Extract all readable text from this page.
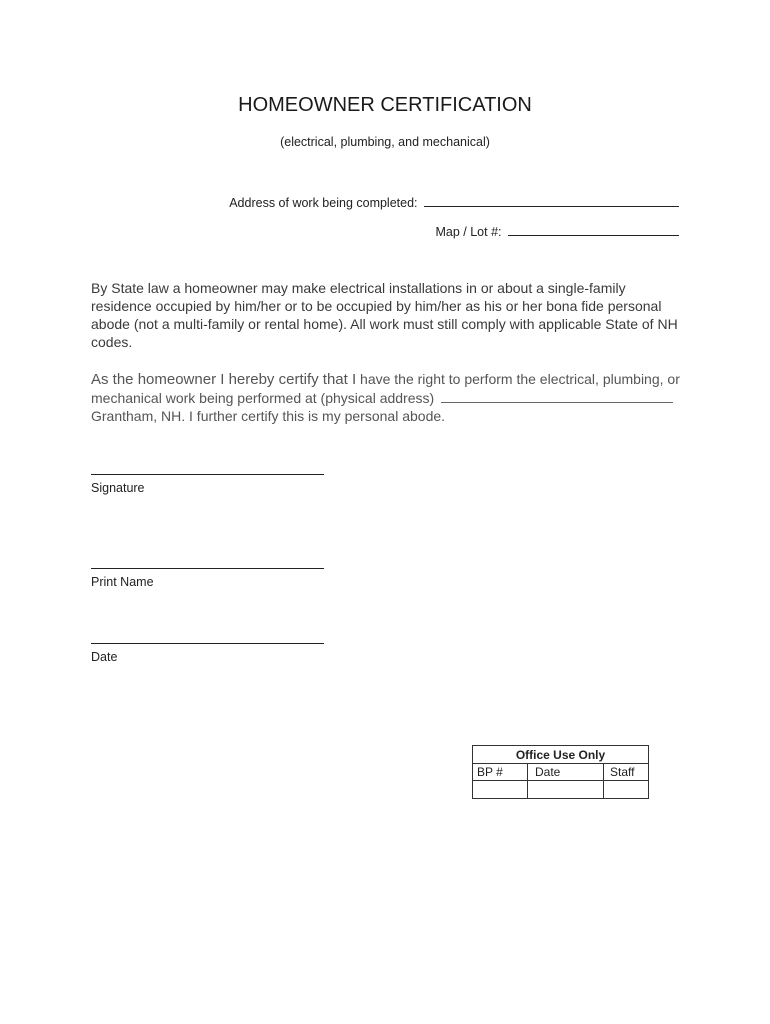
HOMEOWNER CERTIFICATION
(electrical, plumbing, and mechanical)
Address of work being completed:
Map / Lot #:
By State law a homeowner may make electrical installations in or about a single-family residence occupied by him/her or to be occupied by him/her as his or her bona fide personal abode (not a multi-family or rental home). All work must still comply with applicable State of NH codes.
As the homeowner I hereby certify that I have the right to perform the electrical, plumbing, or mechanical work being performed at (physical address)
Grantham, NH. I further certify this is my personal abode.
Signature
Print Name
Date
Office Use Only		
BP #	Date	Staff
